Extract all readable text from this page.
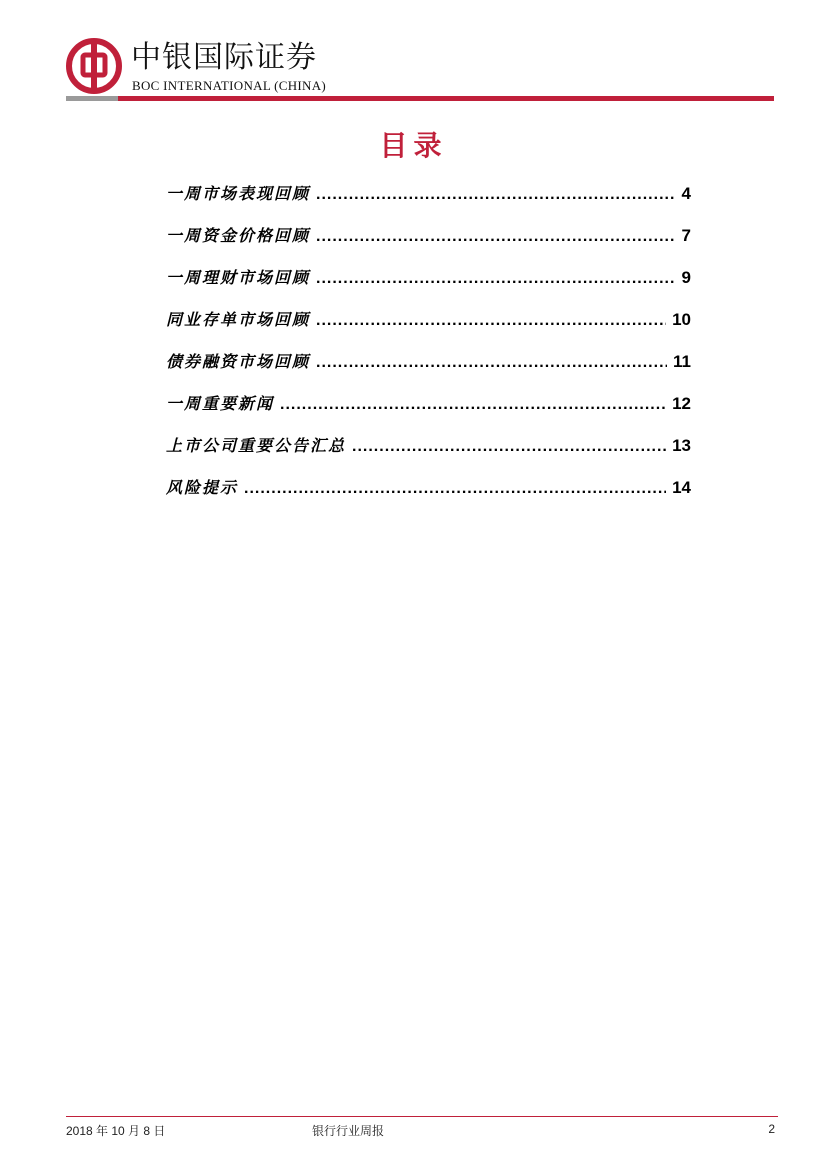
中银国际证券
BOC INTERNATIONAL (CHINA)
目录
一周市场表现回顾 .....	4
一周资金价格回顾 .....	7
一周理财市场回顾 .....	9
同业存单市场回顾 .....	10
债券融资市场回顾 .....	11
一周重要新闻 .....	12
上市公司重要公告汇总 .....	13
风险提示 .....	14
2018 年 10 月 8 日	银行行业周报	2
